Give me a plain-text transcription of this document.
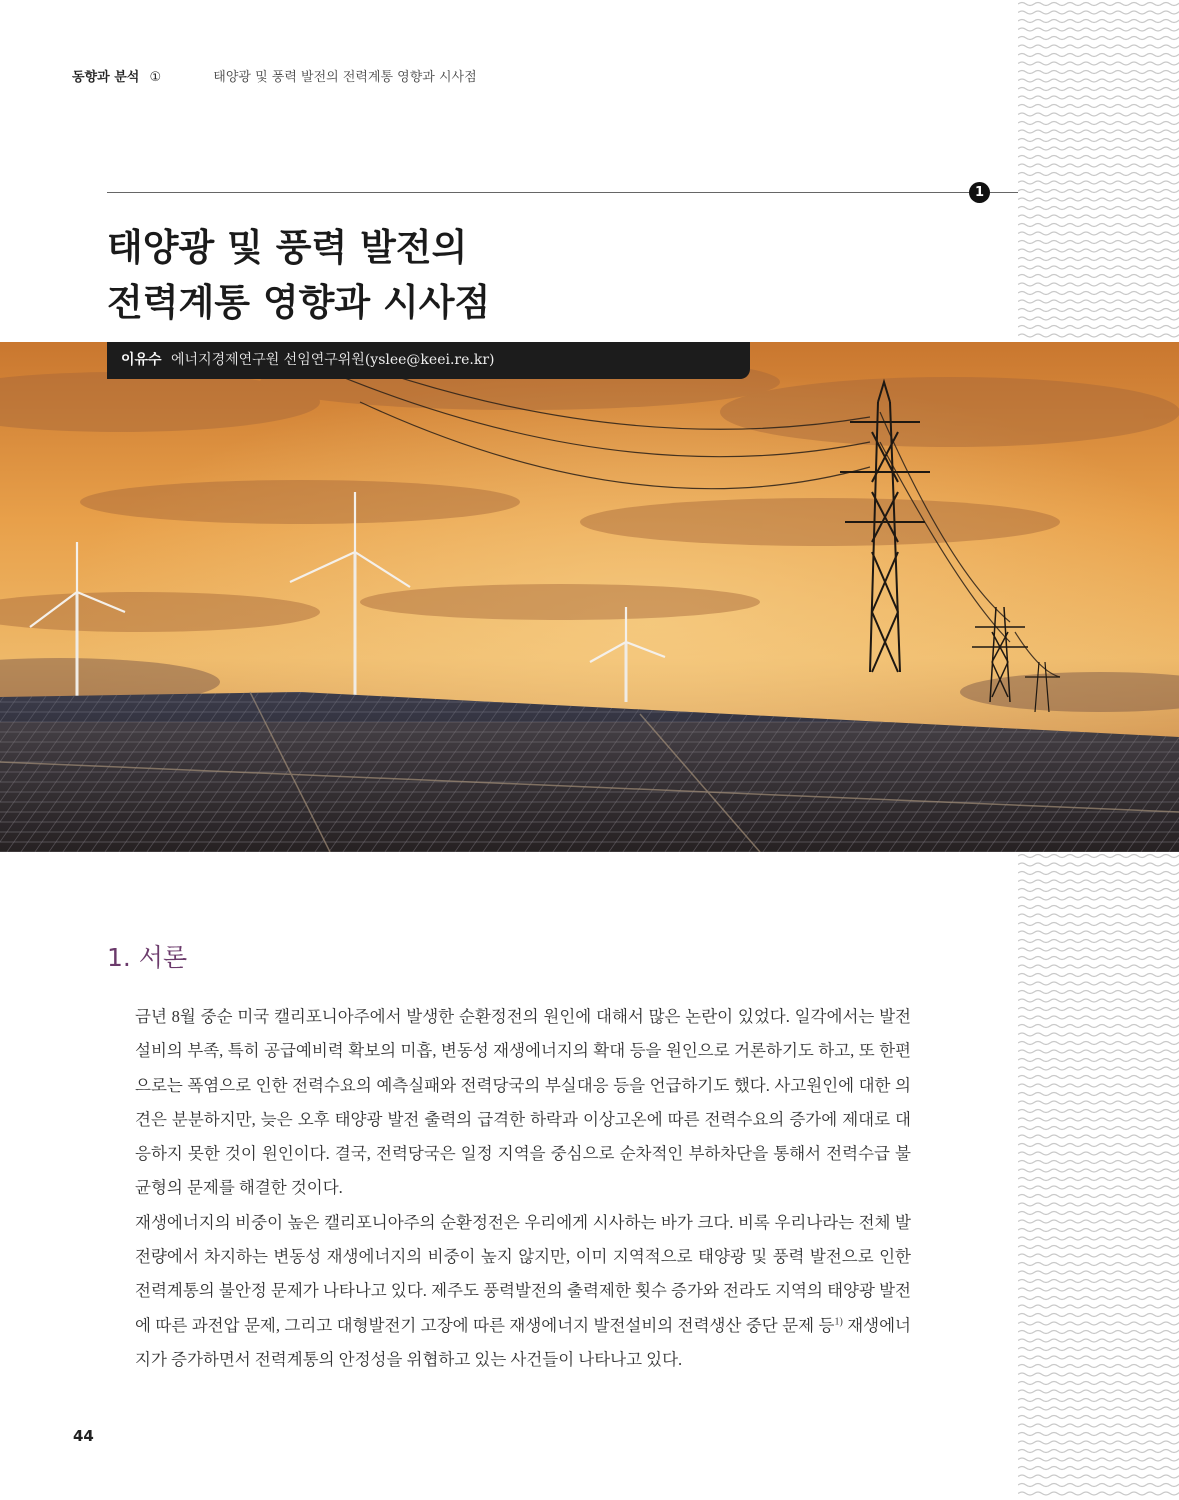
동향과 분석 ①	태양광 및 풍력 발전의 전력계통 영향과 시사점
1
태양광 및 풍력 발전의
전력계통 영향과 시사점
이유수 에너지경제연구원 선임연구위원(yslee@keei.re.kr)
1. 서론

금년 8월 중순 미국 캘리포니아주에서 발생한 순환정전의 원인에 대해서 많은 논란이 있었다. 일각에서는 발전설비의 부족, 특히 공급예비력 확보의 미흡, 변동성 재생에너지의 확대 등을 원인으로 거론하기도 하고, 또 한편으로는 폭염으로 인한 전력수요의 예측실패와 전력당국의 부실대응 등을 언급하기도 했다. 사고원인에 대한 의견은 분분하지만, 늦은 오후 태양광 발전 출력의 급격한 하락과 이상고온에 따른 전력수요의 증가에 제대로 대응하지 못한 것이 원인이다. 결국, 전력당국은 일정 지역을 중심으로 순차적인 부하차단을 통해서 전력수급 불균형의 문제를 해결한 것이다.

재생에너지의 비중이 높은 캘리포니아주의 순환정전은 우리에게 시사하는 바가 크다. 비록 우리나라는 전체 발전량에서 차지하는 변동성 재생에너지의 비중이 높지 않지만, 이미 지역적으로 태양광 및 풍력 발전으로 인한 전력계통의 불안정 문제가 나타나고 있다. 제주도 풍력발전의 출력제한 횟수 증가와 전라도 지역의 태양광 발전에 따른 과전압 문제, 그리고 대형발전기 고장에 따른 재생에너지 발전설비의 전력생산 중단 문제 등$^{1)}$ 재생에너지가 증가하면서 전력계통의 안정성을 위협하고 있는 사건들이 나타나고 있다.

44
